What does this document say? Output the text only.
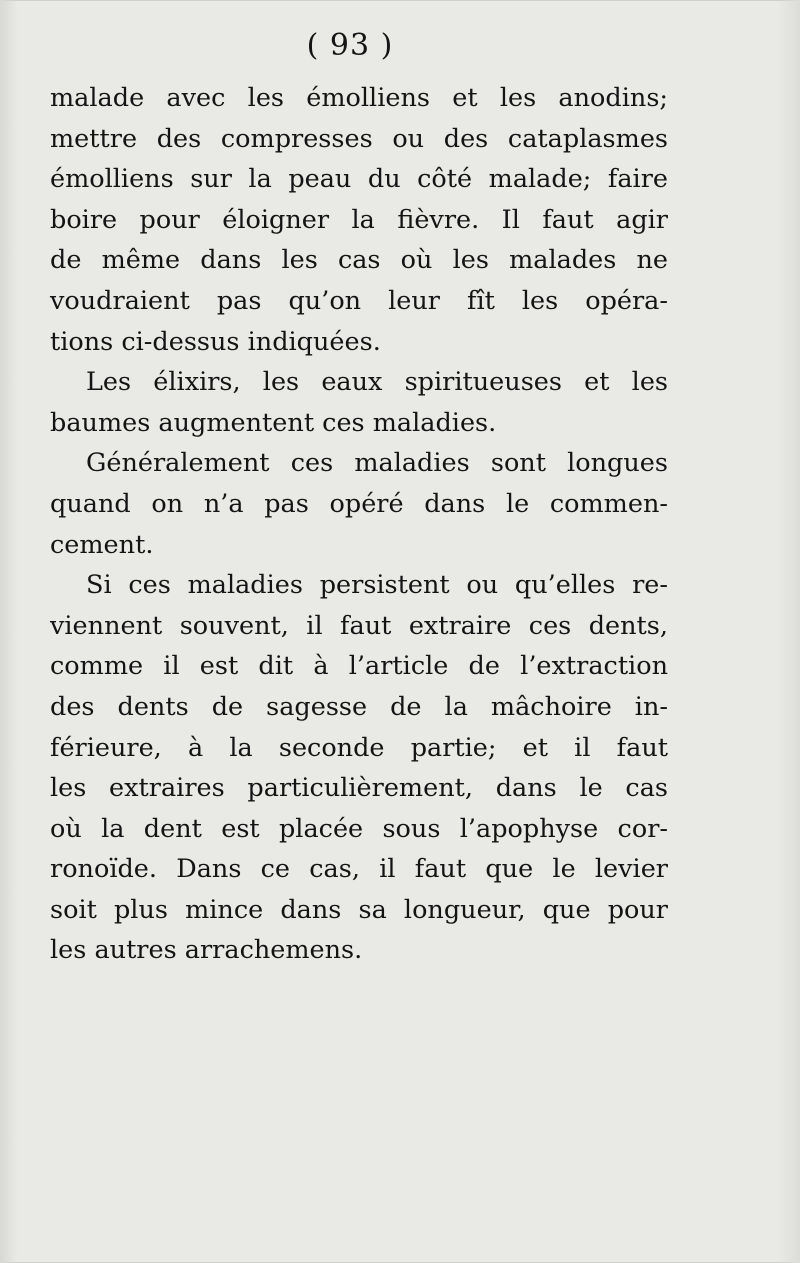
( 93 )
malade avec les émolliens et les anodins;
mettre des compresses ou des cataplasmes
émolliens sur la peau du côté malade; faire
boire pour éloigner la fièvre. Il faut agir
de même dans les cas où les malades ne
voudraient pas qu’on leur fît les opéra-
tions ci-dessus indiquées.
Les élixirs, les eaux spiritueuses et les
baumes augmentent ces maladies.
Généralement ces maladies sont longues
quand on n’a pas opéré dans le commen-
cement.
Si ces maladies persistent ou qu’elles re-
viennent souvent, il faut extraire ces dents,
comme il est dit à l’article de l’extraction
des dents de sagesse de la mâchoire in-
férieure, à la seconde partie; et il faut
les extraires particulièrement, dans le cas
où la dent est placée sous l’apophyse cor-
ronoïde. Dans ce cas, il faut que le levier
soit plus mince dans sa longueur, que pour
les autres arrachemens.
